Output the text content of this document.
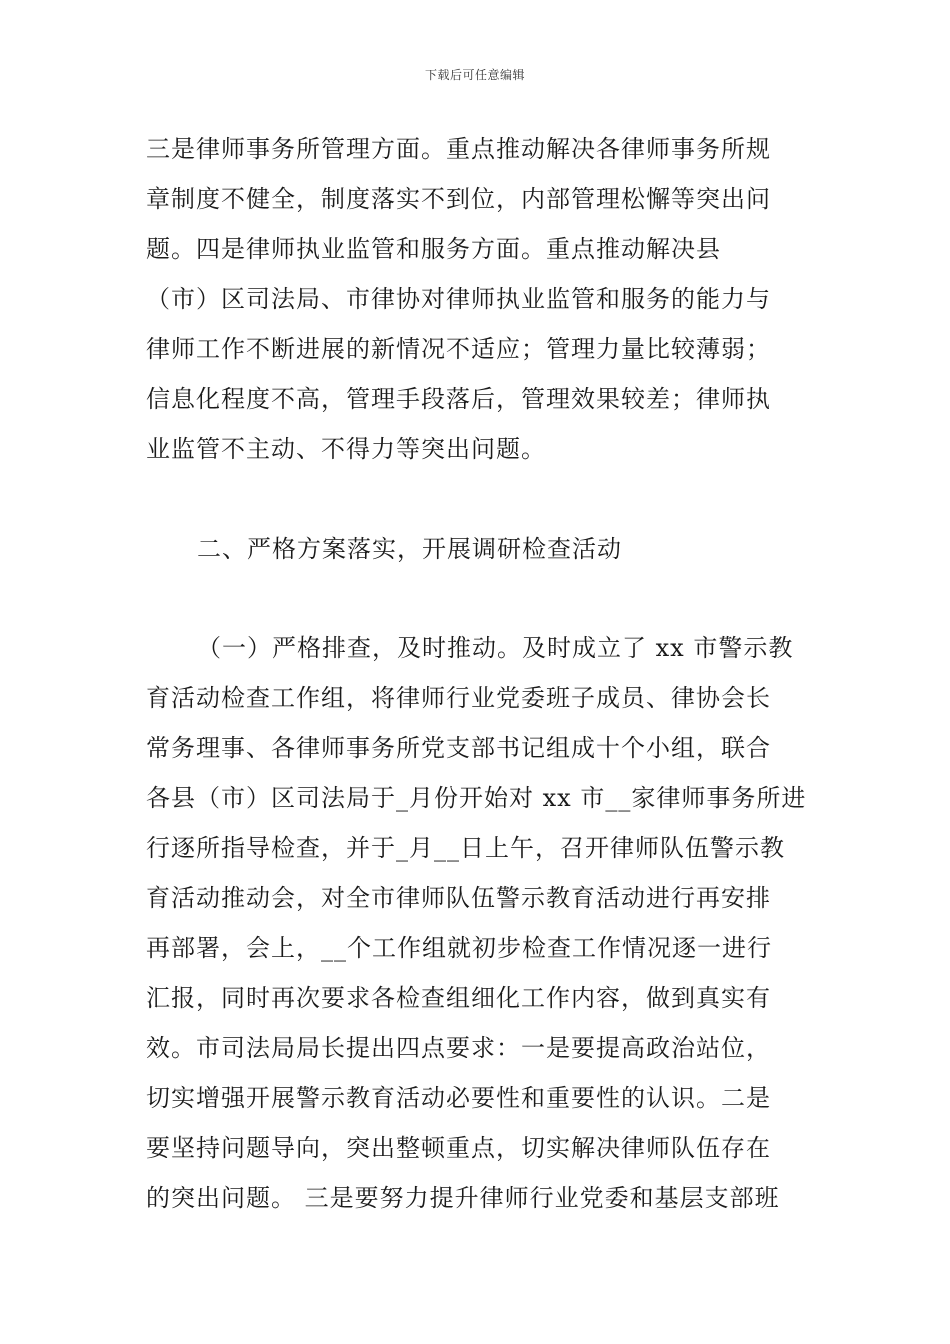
下载后可任意编辑
三是律师事务所管理方面。重点推动解决各律师事务所规
章制度不健全，制度落实不到位，内部管理松懈等突出问
题。四是律师执业监管和服务方面。重点推动解决县
（市）区司法局、市律协对律师执业监管和服务的能力与
律师工作不断进展的新情况不适应；管理力量比较薄弱；
信息化程度不高，管理手段落后，管理效果较差；律师执
业监管不主动、不得力等突出问题。
二、严格方案落实，开展调研检查活动
（一）严格排查，及时推动。及时成立了 xx 市警示教
育活动检查工作组，将律师行业党委班子成员、律协会长
常务理事、各律师事务所党支部书记组成十个小组，联合
各县（市）区司法局于_月份开始对 xx 市__家律师事务所进
行逐所指导检查，并于_月__日上午，召开律师队伍警示教
育活动推动会，对全市律师队伍警示教育活动进行再安排
再部署，会上，__个工作组就初步检查工作情况逐一进行
汇报，同时再次要求各检查组细化工作内容，做到真实有
效。市司法局局长提出四点要求：一是要提高政治站位，
切实增强开展警示教育活动必要性和重要性的认识。二是
要坚持问题导向，突出整顿重点，切实解决律师队伍存在
的突出问题。 三是要努力提升律师行业党委和基层支部班
